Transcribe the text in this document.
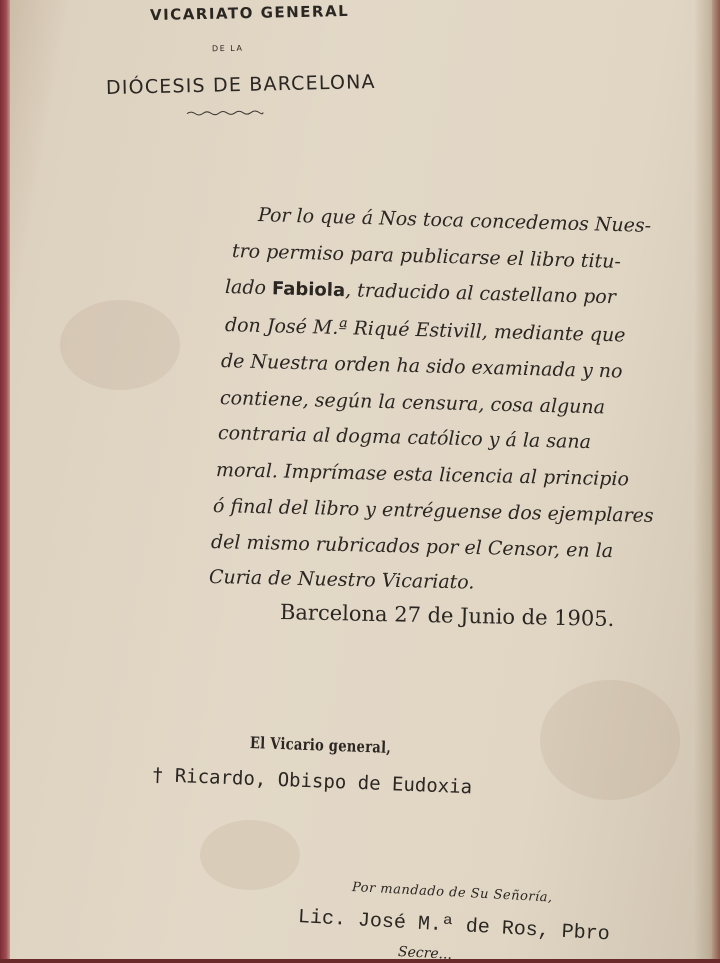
VICARIATO GENERAL
DE LA
DIÓCESIS DE BARCELONA
Por lo que á Nos toca concedemos Nues-
tro permiso para publicarse el libro titu-
lado Fabiola, traducido al castellano por
don José M.ª Riqué Estivill, mediante que
de Nuestra orden ha sido examinada y no
contiene, según la censura, cosa alguna
contraria al dogma católico y á la sana
moral. Imprímase esta licencia al principio
ó final del libro y entréguense dos ejemplares
del mismo rubricados por el Censor, en la
Curia de Nuestro Vicariato.
Barcelona 27 de Junio de 1905.
El Vicario general,
† Ricardo, Obispo de Eudoxia
Por mandado de Su Señoría,
Lic. José M.ª de Ros, Pbro
Secre...
